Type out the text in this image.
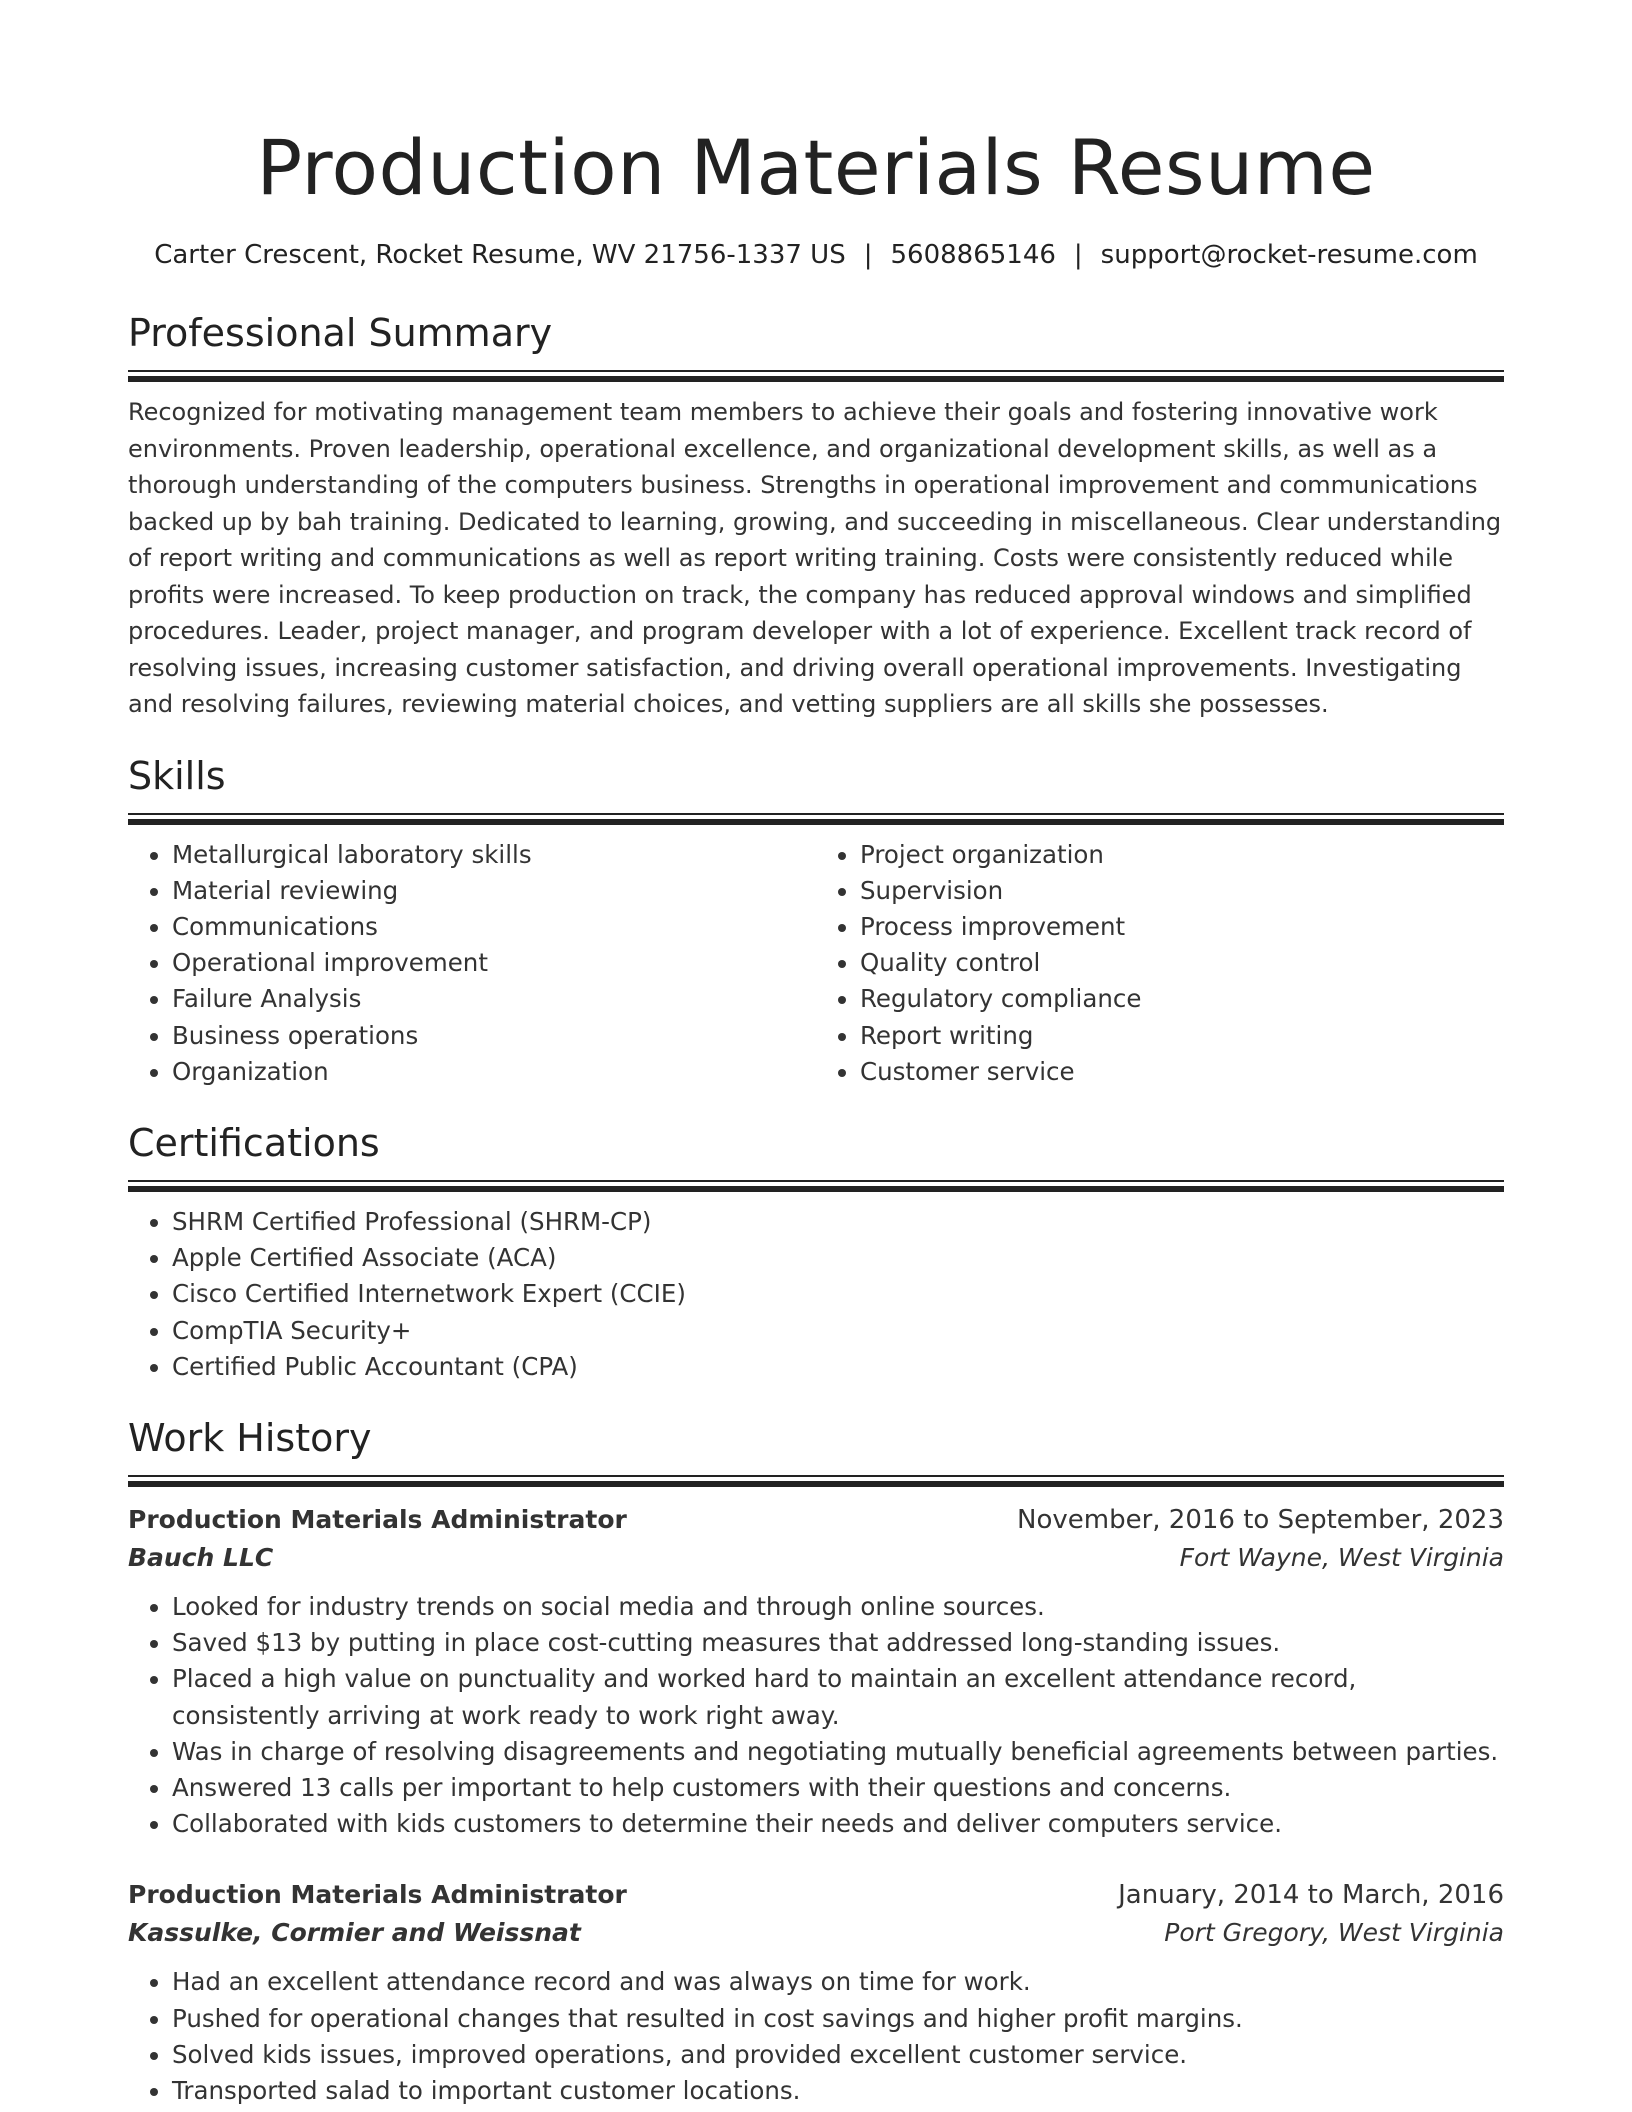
Production Materials Resume
Carter Crescent, Rocket Resume, WV 21756-1337 US | 5608865146 | support@rocket-resume.com
Professional Summary

Recognized for motivating management team members to achieve their goals and fostering innovative work environments. Proven leadership, operational excellence, and organizational development skills, as well as a thorough understanding of the computers business. Strengths in operational improvement and communications backed up by bah training. Dedicated to learning, growing, and succeeding in miscellaneous. Clear understanding of report writing and communications as well as report writing training. Costs were consistently reduced while profits were increased. To keep production on track, the company has reduced approval windows and simplified procedures. Leader, project manager, and program developer with a lot of experience. Excellent track record of resolving issues, increasing customer satisfaction, and driving overall operational improvements. Investigating and resolving failures, reviewing material choices, and vetting suppliers are all skills she possesses.

Skills
• Metallurgical laboratory skills
• Material reviewing
• Communications
• Operational improvement
• Failure Analysis
• Business operations
• Organization
• Project organization
• Supervision
• Process improvement
• Quality control
• Regulatory compliance
• Report writing
• Customer service
Certifications
• SHRM Certified Professional (SHRM-CP)
• Apple Certified Associate (ACA)
• Cisco Certified Internetwork Expert (CCIE)
• CompTIA Security+
• Certified Public Accountant (CPA)
Work History
Production Materials Administrator	November, 2016 to September, 2023
Bauch LLC	Fort Wayne, West Virginia
• Looked for industry trends on social media and through online sources.
• Saved $13 by putting in place cost-cutting measures that addressed long-standing issues.
• Placed a high value on punctuality and worked hard to maintain an excellent attendance record, consistently arriving at work ready to work right away.
• Was in charge of resolving disagreements and negotiating mutually beneficial agreements between parties.
• Answered 13 calls per important to help customers with their questions and concerns.
• Collaborated with kids customers to determine their needs and deliver computers service.
Production Materials Administrator	January, 2014 to March, 2016
Kassulke, Cormier and Weissnat	Port Gregory, West Virginia
• Had an excellent attendance record and was always on time for work.
• Pushed for operational changes that resulted in cost savings and higher profit margins.
• Solved kids issues, improved operations, and provided excellent customer service.
• Transported salad to important customer locations.
